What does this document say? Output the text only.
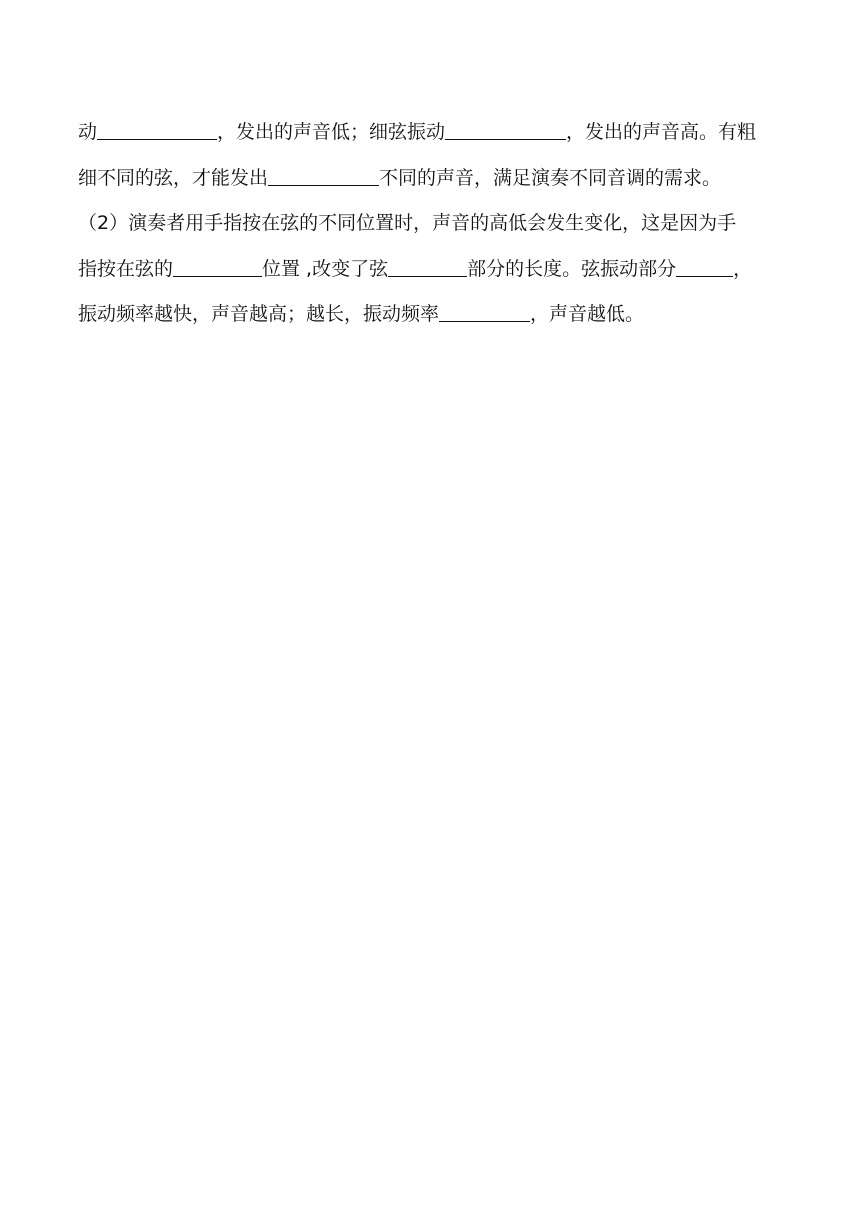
动	，发出的声音低；细弦振动	，发出的声音高。有粗
细不同的弦，才能发出	不同的声音，满足演奏不同音调的需求。
（2）演奏者用手指按在弦的不同位置时，声音的高低会发生变化，这是因为手
指按在弦的	位置 ,改变了弦	部分的长度。弦振动部分	，
振动频率越快，声音越高；越长，振动频率	，声音越低。
